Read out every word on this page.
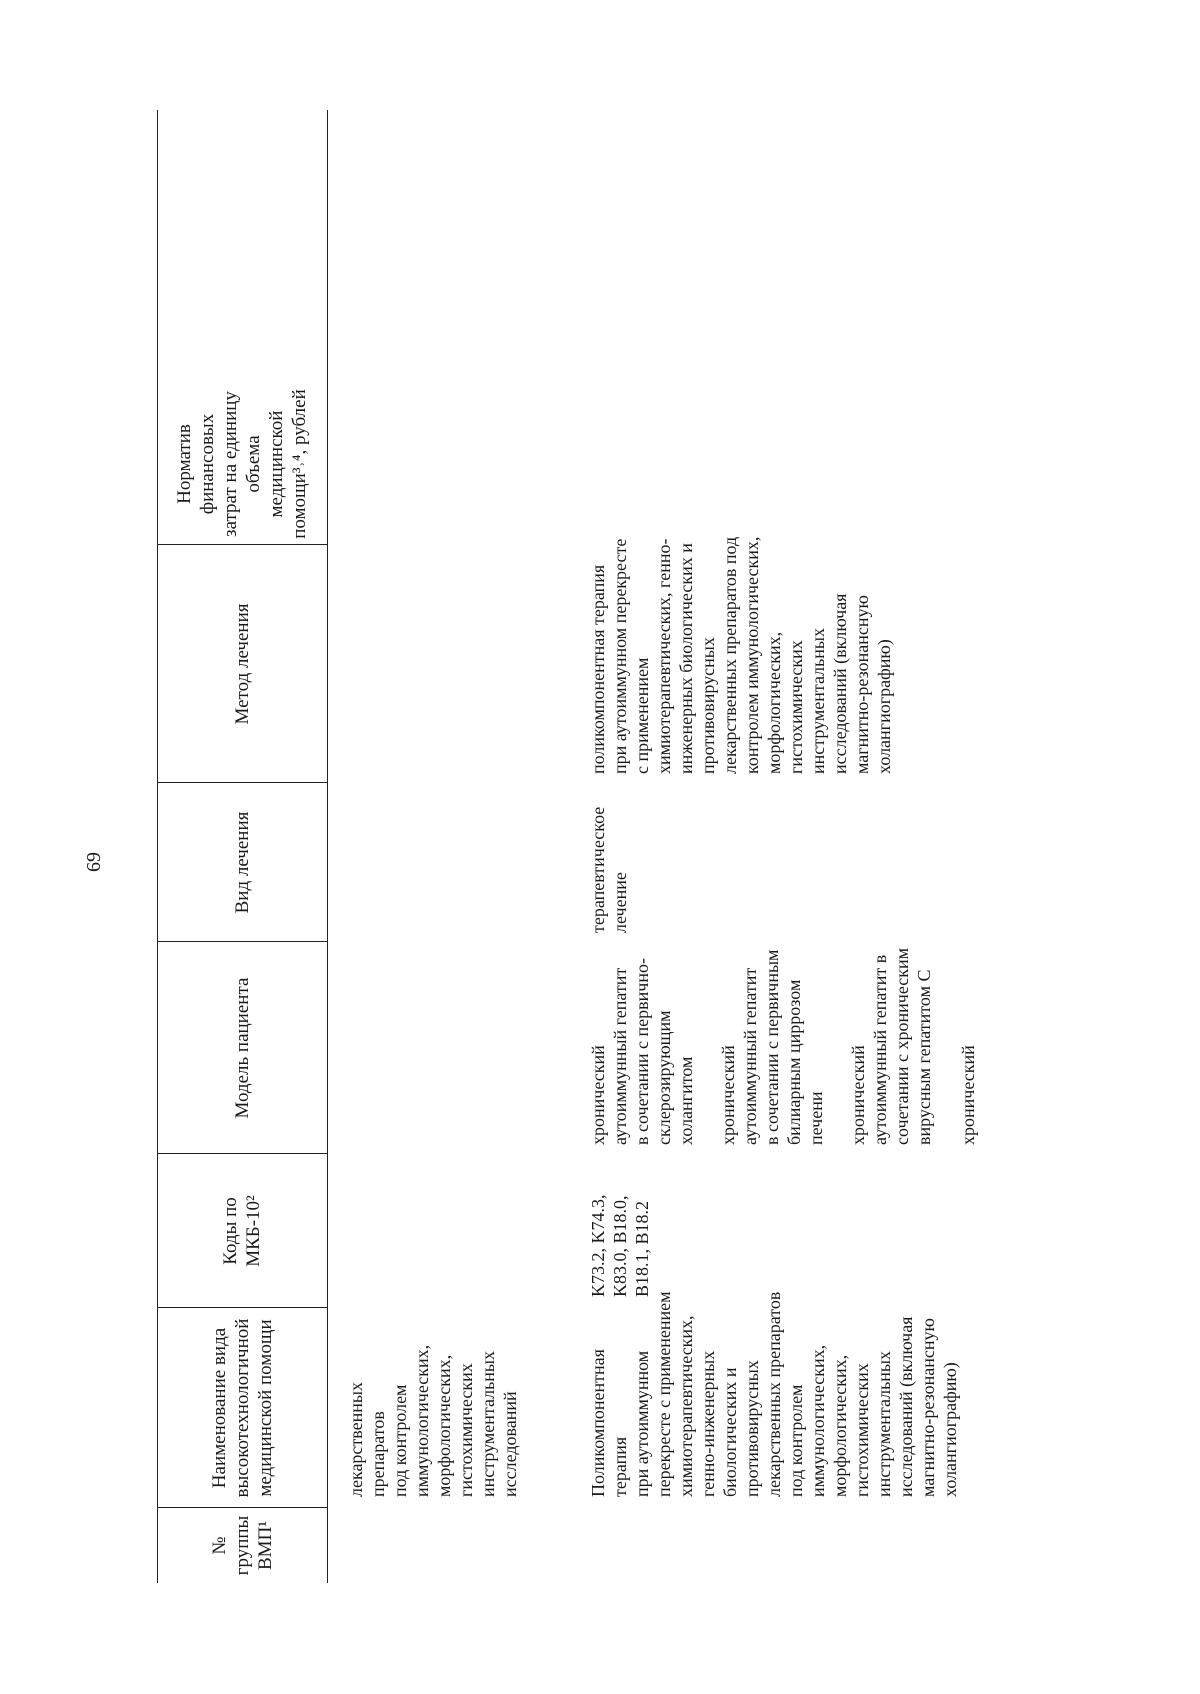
69
№ группы ВМП¹
Наименование вида высокотехнологичной медицинской помощи
Коды по МКБ-10²
Модель пациента
Вид лечения
Метод лечения
Норматив финансовых затрат на единицу объема медицинской помощи³˒⁴, рублей

лекарственных препаратов
под контролем
иммунологических,
морфологических,
гистохимических
инструментальных
исследований	Поликомпонентная терапия
при аутоиммунном
перекресте с применением
химиотерапевтических,
генно-инженерных
биологических и
противовирусных
лекарственных препаратов
под контролем
иммунологических,
морфологических,
гистохимических
инструментальных
исследований (включая
магнитно-резонансную
холангиографию)

K73.2, K74.3,
K83.0, B18.0,
B18.1, B18.2

хронический
аутоиммунный гепатит
в сочетании с первично-
склерозирующим
холангитом хронический
аутоиммунный гепатит
в сочетании с первичным
билиарным циррозом
печени хронический
аутоиммунный гепатит в
сочетании с хроническим
вирусным гепатитом C

хронический

терапевтическое
лечение

поликомпонентная терапия
при аутоиммунном перекресте
с применением
химиотерапевтических, генно-
инженерных биологических и
противовирусных
лекарственных препаратов под
контролем иммунологических,
морфологических,
гистохимических
инструментальных
исследований (включая
магнитно-резонансную
холангиографию)
